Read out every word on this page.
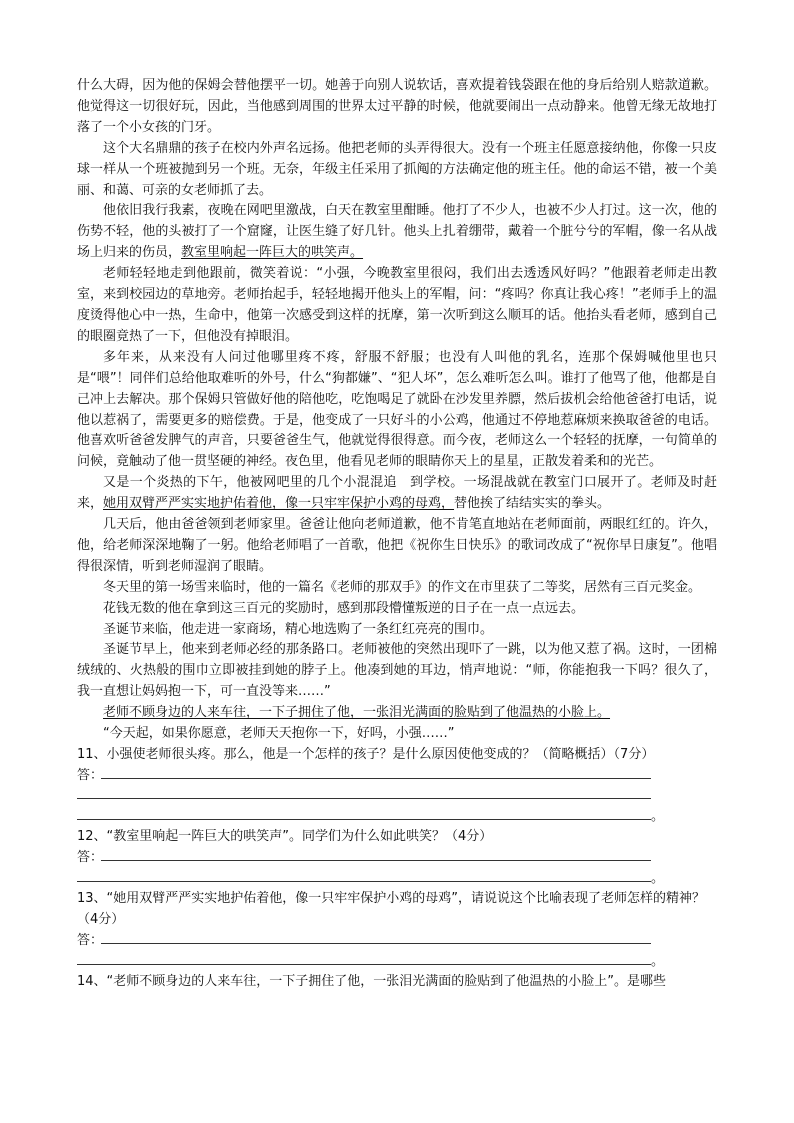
什么大碍，因为他的保姆会替他摆平一切。她善于向别人说软话，喜欢提着钱袋跟在他的身后给别人赔款道歉。他觉得这一切很好玩，因此，当他感到周围的世界太过平静的时候，他就要闹出一点动静来。他曾无缘无故地打落了一个小女孩的门牙。

这个大名鼎鼎的孩子在校内外声名远扬。他把老师的头弄得很大。没有一个班主任愿意接纳他，你像一只皮球一样从一个班被抛到另一个班。无奈，年级主任采用了抓阄的方法确定他的班主任。他的命运不错，被一个美丽、和蔼、可亲的女老师抓了去。

他依旧我行我素，夜晚在网吧里激战，白天在教室里酣睡。他打了不少人，也被不少人打过。这一次，他的伤势不轻，他的头被打了一个窟窿，让医生缝了好几针。他头上扎着绷带，戴着一个脏兮兮的军帽，像一名从战场上归来的伤员，教室里响起一阵巨大的哄笑声。

老师轻轻地走到他跟前，微笑着说：“小强，今晚教室里很闷，我们出去透透风好吗？”他跟着老师走出教室，来到校园边的草地旁。老师抬起手，轻轻地揭开他头上的军帽，问：“疼吗？你真让我心疼！”老师手上的温度烫得他心中一热，生命中，他第一次感受到这样的抚摩，第一次听到这么顺耳的话。他抬头看老师，感到自己的眼圈竟热了一下，但他没有掉眼泪。

多年来，从来没有人问过他哪里疼不疼，舒服不舒服；也没有人叫他的乳名，连那个保姆喊他里也只是“喂”！同伴们总给他取难听的外号，什么“狗都嫌”、“犯人坏”，怎么难听怎么叫。谁打了他骂了他，他都是自己冲上去解决。那个保姆只管做好他的陪他吃，吃饱喝足了就卧在沙发里养膘，然后拔机会给他爸爸打电话，说他以惹祸了，需要更多的赔偿费。于是，他变成了一只好斗的小公鸡，他通过不停地惹麻烦来换取爸爸的电话。他喜欢听爸爸发脾气的声音，只要爸爸生气，他就觉得很得意。而今夜，老师这么一个轻轻的抚摩，一句简单的问候，竟触动了他一贯坚硬的神经。夜色里，他看见老师的眼睛你天上的星星，正散发着柔和的光芒。

又是一个炎热的下午，他被网吧里的几个小混混追　到学校。一场混战就在教室门口展开了。老师及时赶来，她用双臂严严实实地护佑着他，像一只牢牢保护小鸡的母鸡，替他挨了结结实实的拳头。

几天后，他由爸爸领到老师家里。爸爸让他向老师道歉，他不肯笔直地站在老师面前，两眼红红的。许久，他，给老师深深地鞠了一躬。他给老师唱了一首歌，他把《祝你生日快乐》的歌词改成了“祝你早日康复”。他唱得很深情，听到老师湿润了眼睛。

冬天里的第一场雪来临时，他的一篇名《老师的那双手》的作文在市里获了二等奖，居然有三百元奖金。

花钱无数的他在拿到这三百元的奖励时，感到那段懵懂叛逆的日子在一点一点远去。

圣诞节来临，他走进一家商场，精心地选购了一条红红亮亮的围巾。

圣诞节早上，他来到老师必经的那条路口。老师被他的突然出现吓了一跳，以为他又惹了祸。这时，一团棉绒绒的、火热般的围巾立即被挂到她的脖子上。他凑到她的耳边，悄声地说：“师，你能抱我一下吗？很久了，我一直想让妈妈抱一下，可一直没等来……”

老师不顾身边的人来车往，一下子拥住了他，一张泪光满面的脸贴到了他温热的小脸上。

“今天起，如果你愿意，老师天天抱你一下，好吗，小强……”

11、小强使老师很头疼。那么，他是一个怎样的孩子？是什么原因使他变成的？（简略概括）（7分）

答：
。

12、“教室里响起一阵巨大的哄笑声”。同学们为什么如此哄笑？（4分）

答：
。

13、“她用双臂严严实实地护佑着他，像一只牢牢保护小鸡的母鸡”，请说说这个比喻表现了老师怎样的精神？（4分）

答：
。

14、“老师不顾身边的人来车往，一下子拥住了他，一张泪光满面的脸贴到了他温热的小脸上”。是哪些
